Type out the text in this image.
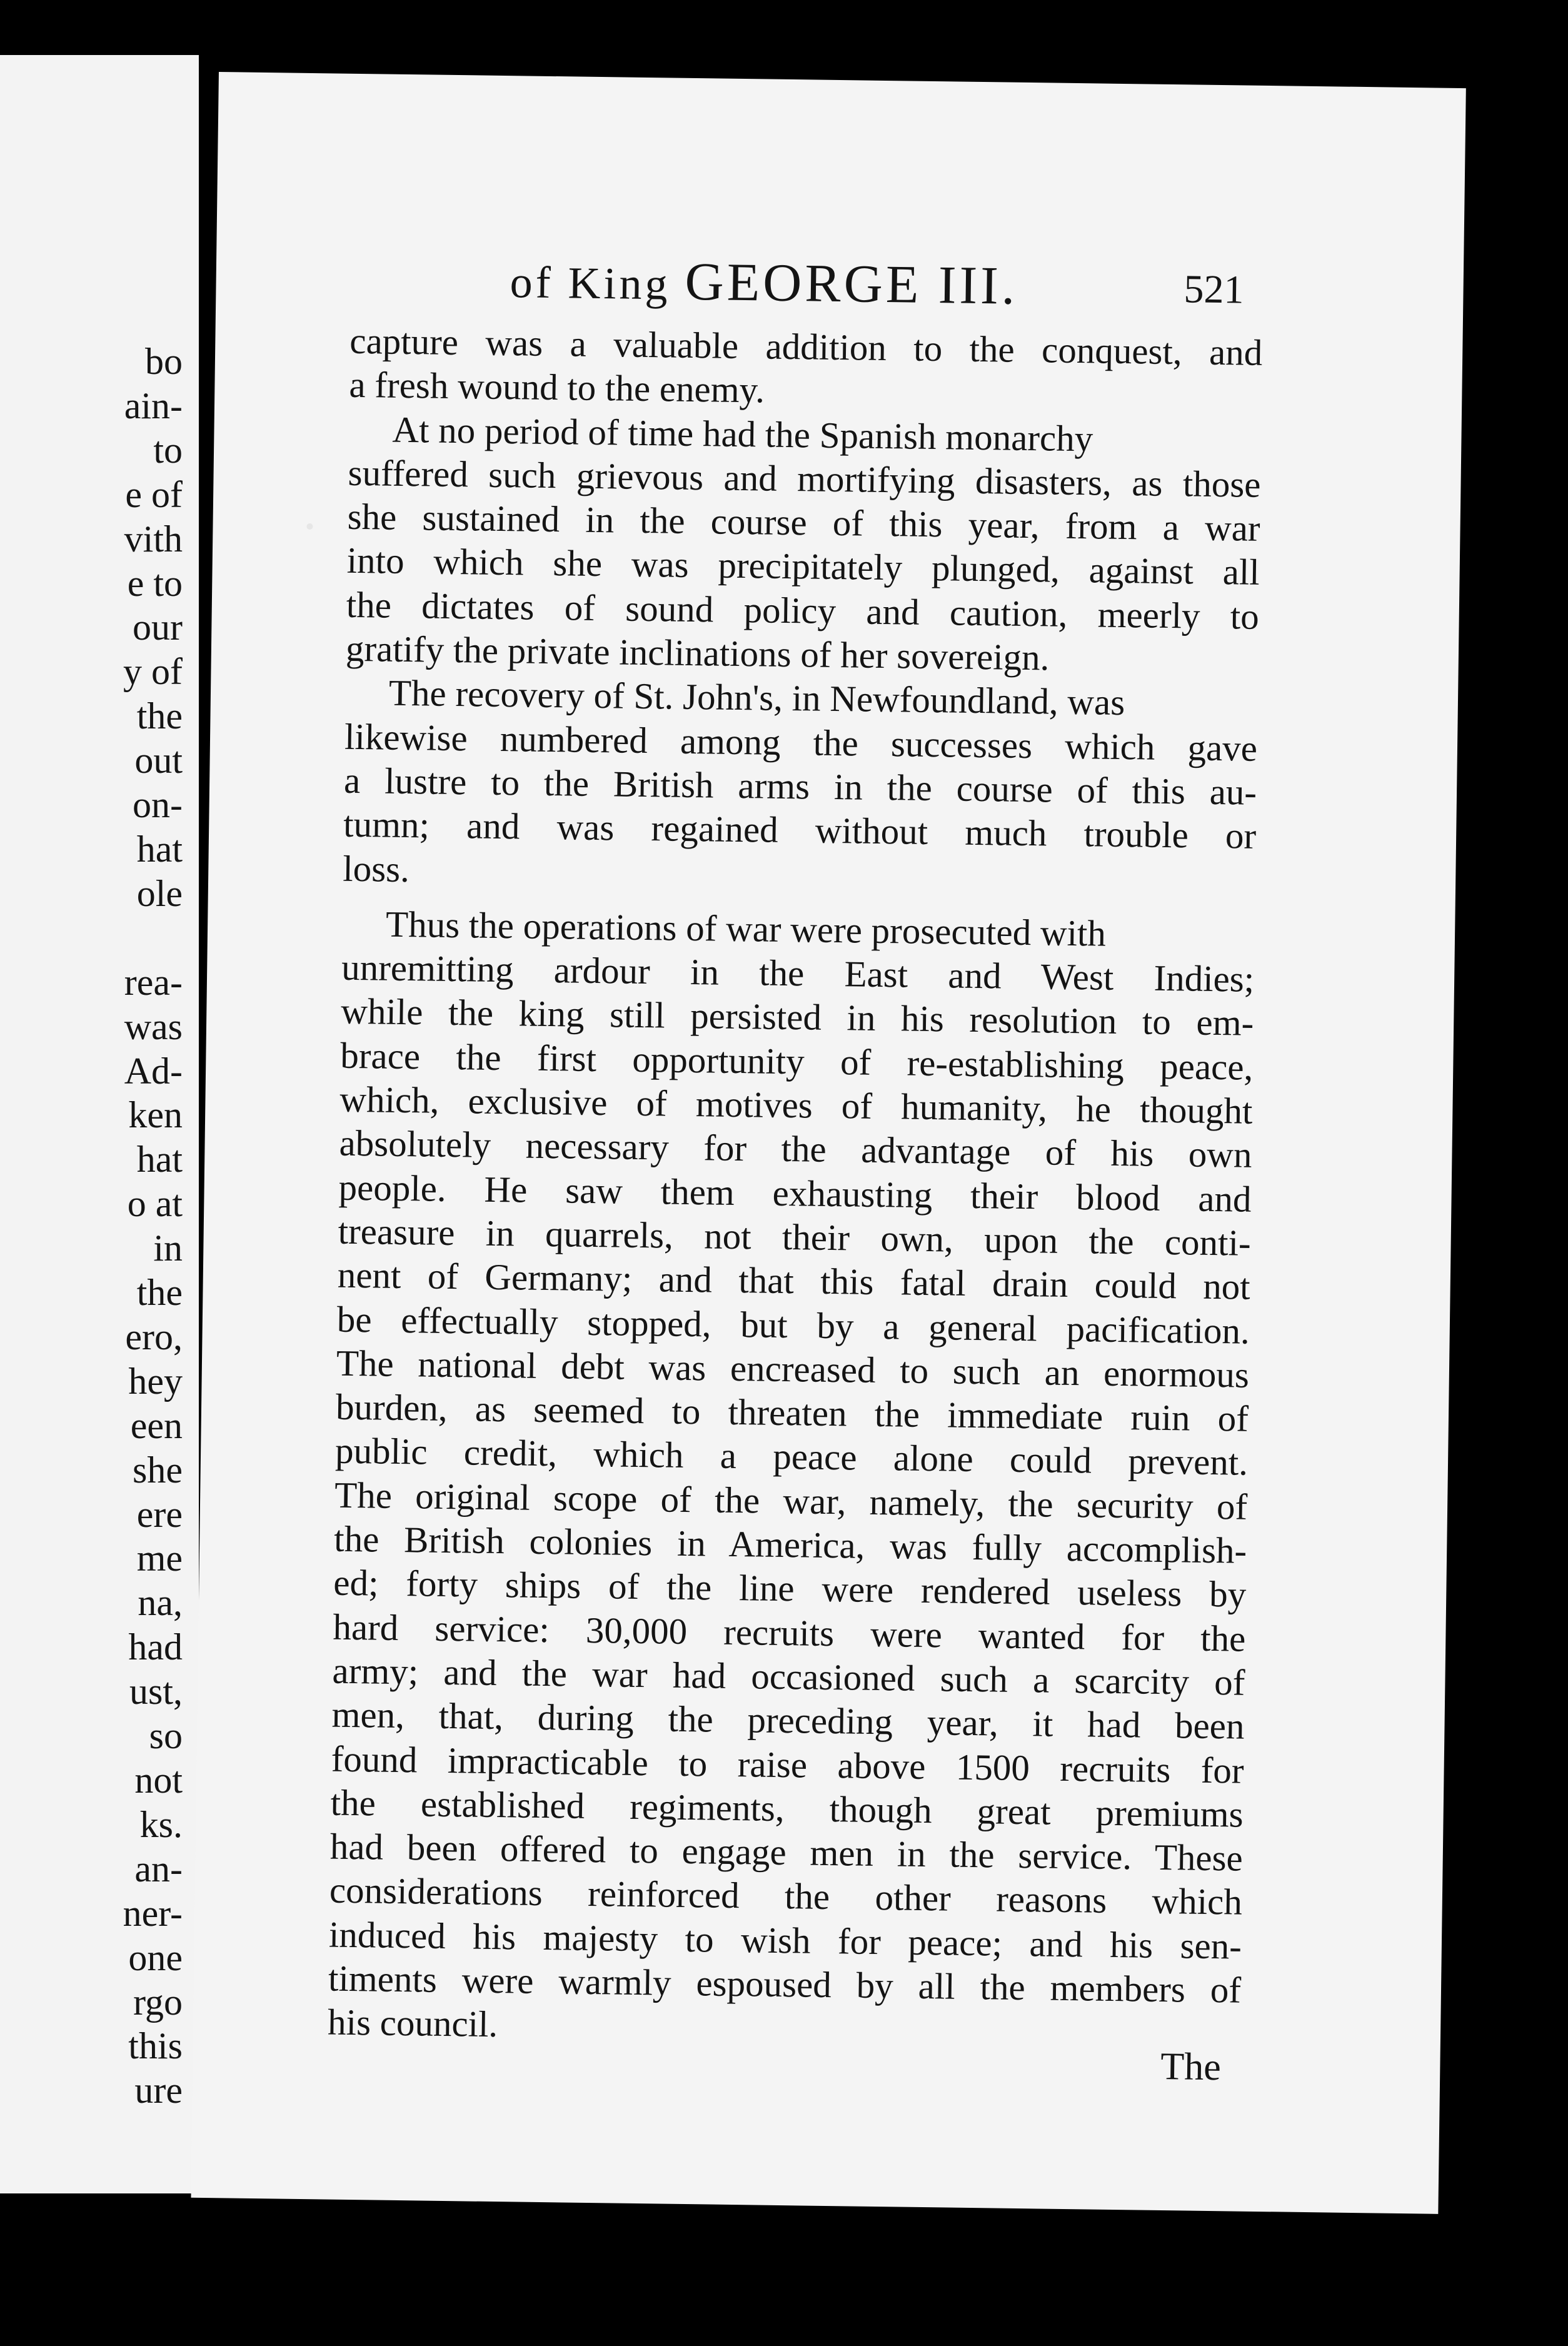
bo
ain-
to
e of
vith
e to
our
y of
the
out
on-
hat
ole

rea-
was
Ad-
ken
hat
o at
in
the
ero,
hey
een
she
ere
me
na,
had
ust,
so
not
ks.
an-
ner-
one
rgo
this
ure
of King GEORGE III.	521
capture was a valuable addition to the conquest, and
a fresh wound to the enemy.
At no period of time had the Spanish monarchy
suffered such grievous and mortifying disasters, as those
she sustained in the course of this year, from a war
into which she was precipitately plunged, against all
the dictates of sound policy and caution, meerly to
gratify the private inclinations of her sovereign.
The recovery of St. John's, in Newfoundland, was
likewise numbered among the successes which gave
a lustre to the British arms in the course of this au-
tumn; and was regained without much trouble or
loss.
Thus the operations of war were prosecuted with
unremitting ardour in the East and West Indies;
while the king still persisted in his resolution to em-
brace the first opportunity of re-establishing peace,
which, exclusive of motives of humanity, he thought
absolutely necessary for the advantage of his own
people. He saw them exhausting their blood and
treasure in quarrels, not their own, upon the conti-
nent of Germany; and that this fatal drain could not
be effectually stopped, but by a general pacification.
The national debt was encreased to such an enormous
burden, as seemed to threaten the immediate ruin of
public credit, which a peace alone could prevent.
The original scope of the war, namely, the security of
the British colonies in America, was fully accomplish-
ed; forty ships of the line were rendered useless by
hard service: 30,000 recruits were wanted for the
army; and the war had occasioned such a scarcity of
men, that, during the preceding year, it had been
found impracticable to raise above 1500 recruits for
the established regiments, though great premiums
had been offered to engage men in the service. These
considerations reinforced the other reasons which
induced his majesty to wish for peace; and his sen-
timents were warmly espoused by all the members of
his council.
The
